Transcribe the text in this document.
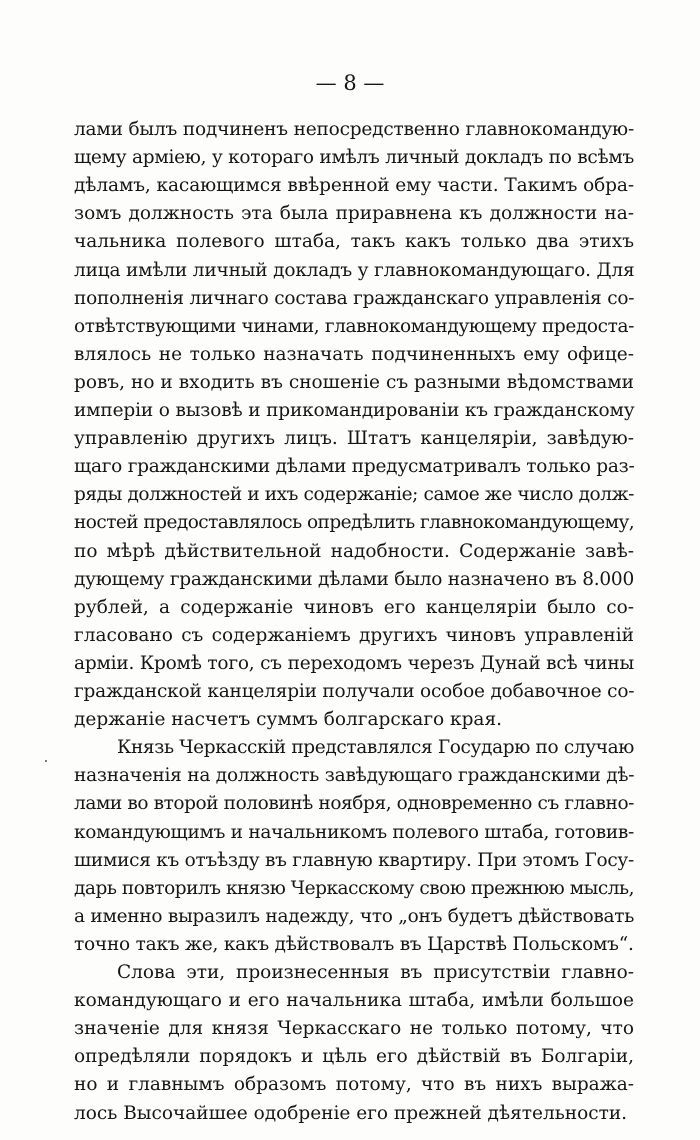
— 8 —
лами былъ подчиненъ непосредственно главнокомандую-
щему арміею, у котораго имѣлъ личный докладъ по всѣмъ
дѣламъ, касающимся ввѣренной ему части. Такимъ обра-
зомъ должность эта была приравнена къ должности на-
чальника полевого штаба, такъ какъ только два этихъ
лица имѣли личный докладъ у главнокомандующаго. Для
пополненія личнаго состава гражданскаго управленія со-
отвѣтствующими чинами, главнокомандующему предоста-
влялось не только назначать подчиненныхъ ему офице-
ровъ, но и входить въ сношеніе съ разными вѣдомствами
имперіи о вызовѣ и прикомандированіи къ гражданскому
управленію другихъ лицъ. Штатъ канцеляріи, завѣдую-
щаго гражданскими дѣлами предусматривалъ только раз-
ряды должностей и ихъ содержаніе; самое же число долж-
ностей предоставлялось опредѣлить главнокомандующему,
по мѣрѣ дѣйствительной надобности. Содержаніе завѣ-
дующему гражданскими дѣлами было назначено въ 8.000
рублей, а содержаніе чиновъ его канцеляріи было со-
гласовано съ содержаніемъ другихъ чиновъ управленій
арміи. Кромѣ того, съ переходомъ черезъ Дунай всѣ чины
гражданской канцеляріи получали особое добавочное со-
держаніе насчетъ суммъ болгарскаго края.
Князь Черкасскій представлялся Государю по случаю
назначенія на должность завѣдующаго гражданскими дѣ-
лами во второй половинѣ ноября, одновременно съ главно-
командующимъ и начальникомъ полевого штаба, готовив-
шимися къ отъѣзду въ главную квартиру. При этомъ Госу-
дарь повторилъ князю Черкасскому свою прежнюю мысль,
а именно выразилъ надежду, что „онъ будетъ дѣйствовать
точно такъ же, какъ дѣйствовалъ въ Царствѣ Польскомъ“.
Слова эти, произнесенныя въ присутствіи главно-
командующаго и его начальника штаба, имѣли большое
значеніе для князя Черкасскаго не только потому, что
опредѣляли порядокъ и цѣль его дѣйствій въ Болгаріи,
но и главнымъ образомъ потому, что въ нихъ выража-
лось Высочайшее одобреніе его прежней дѣятельности.
